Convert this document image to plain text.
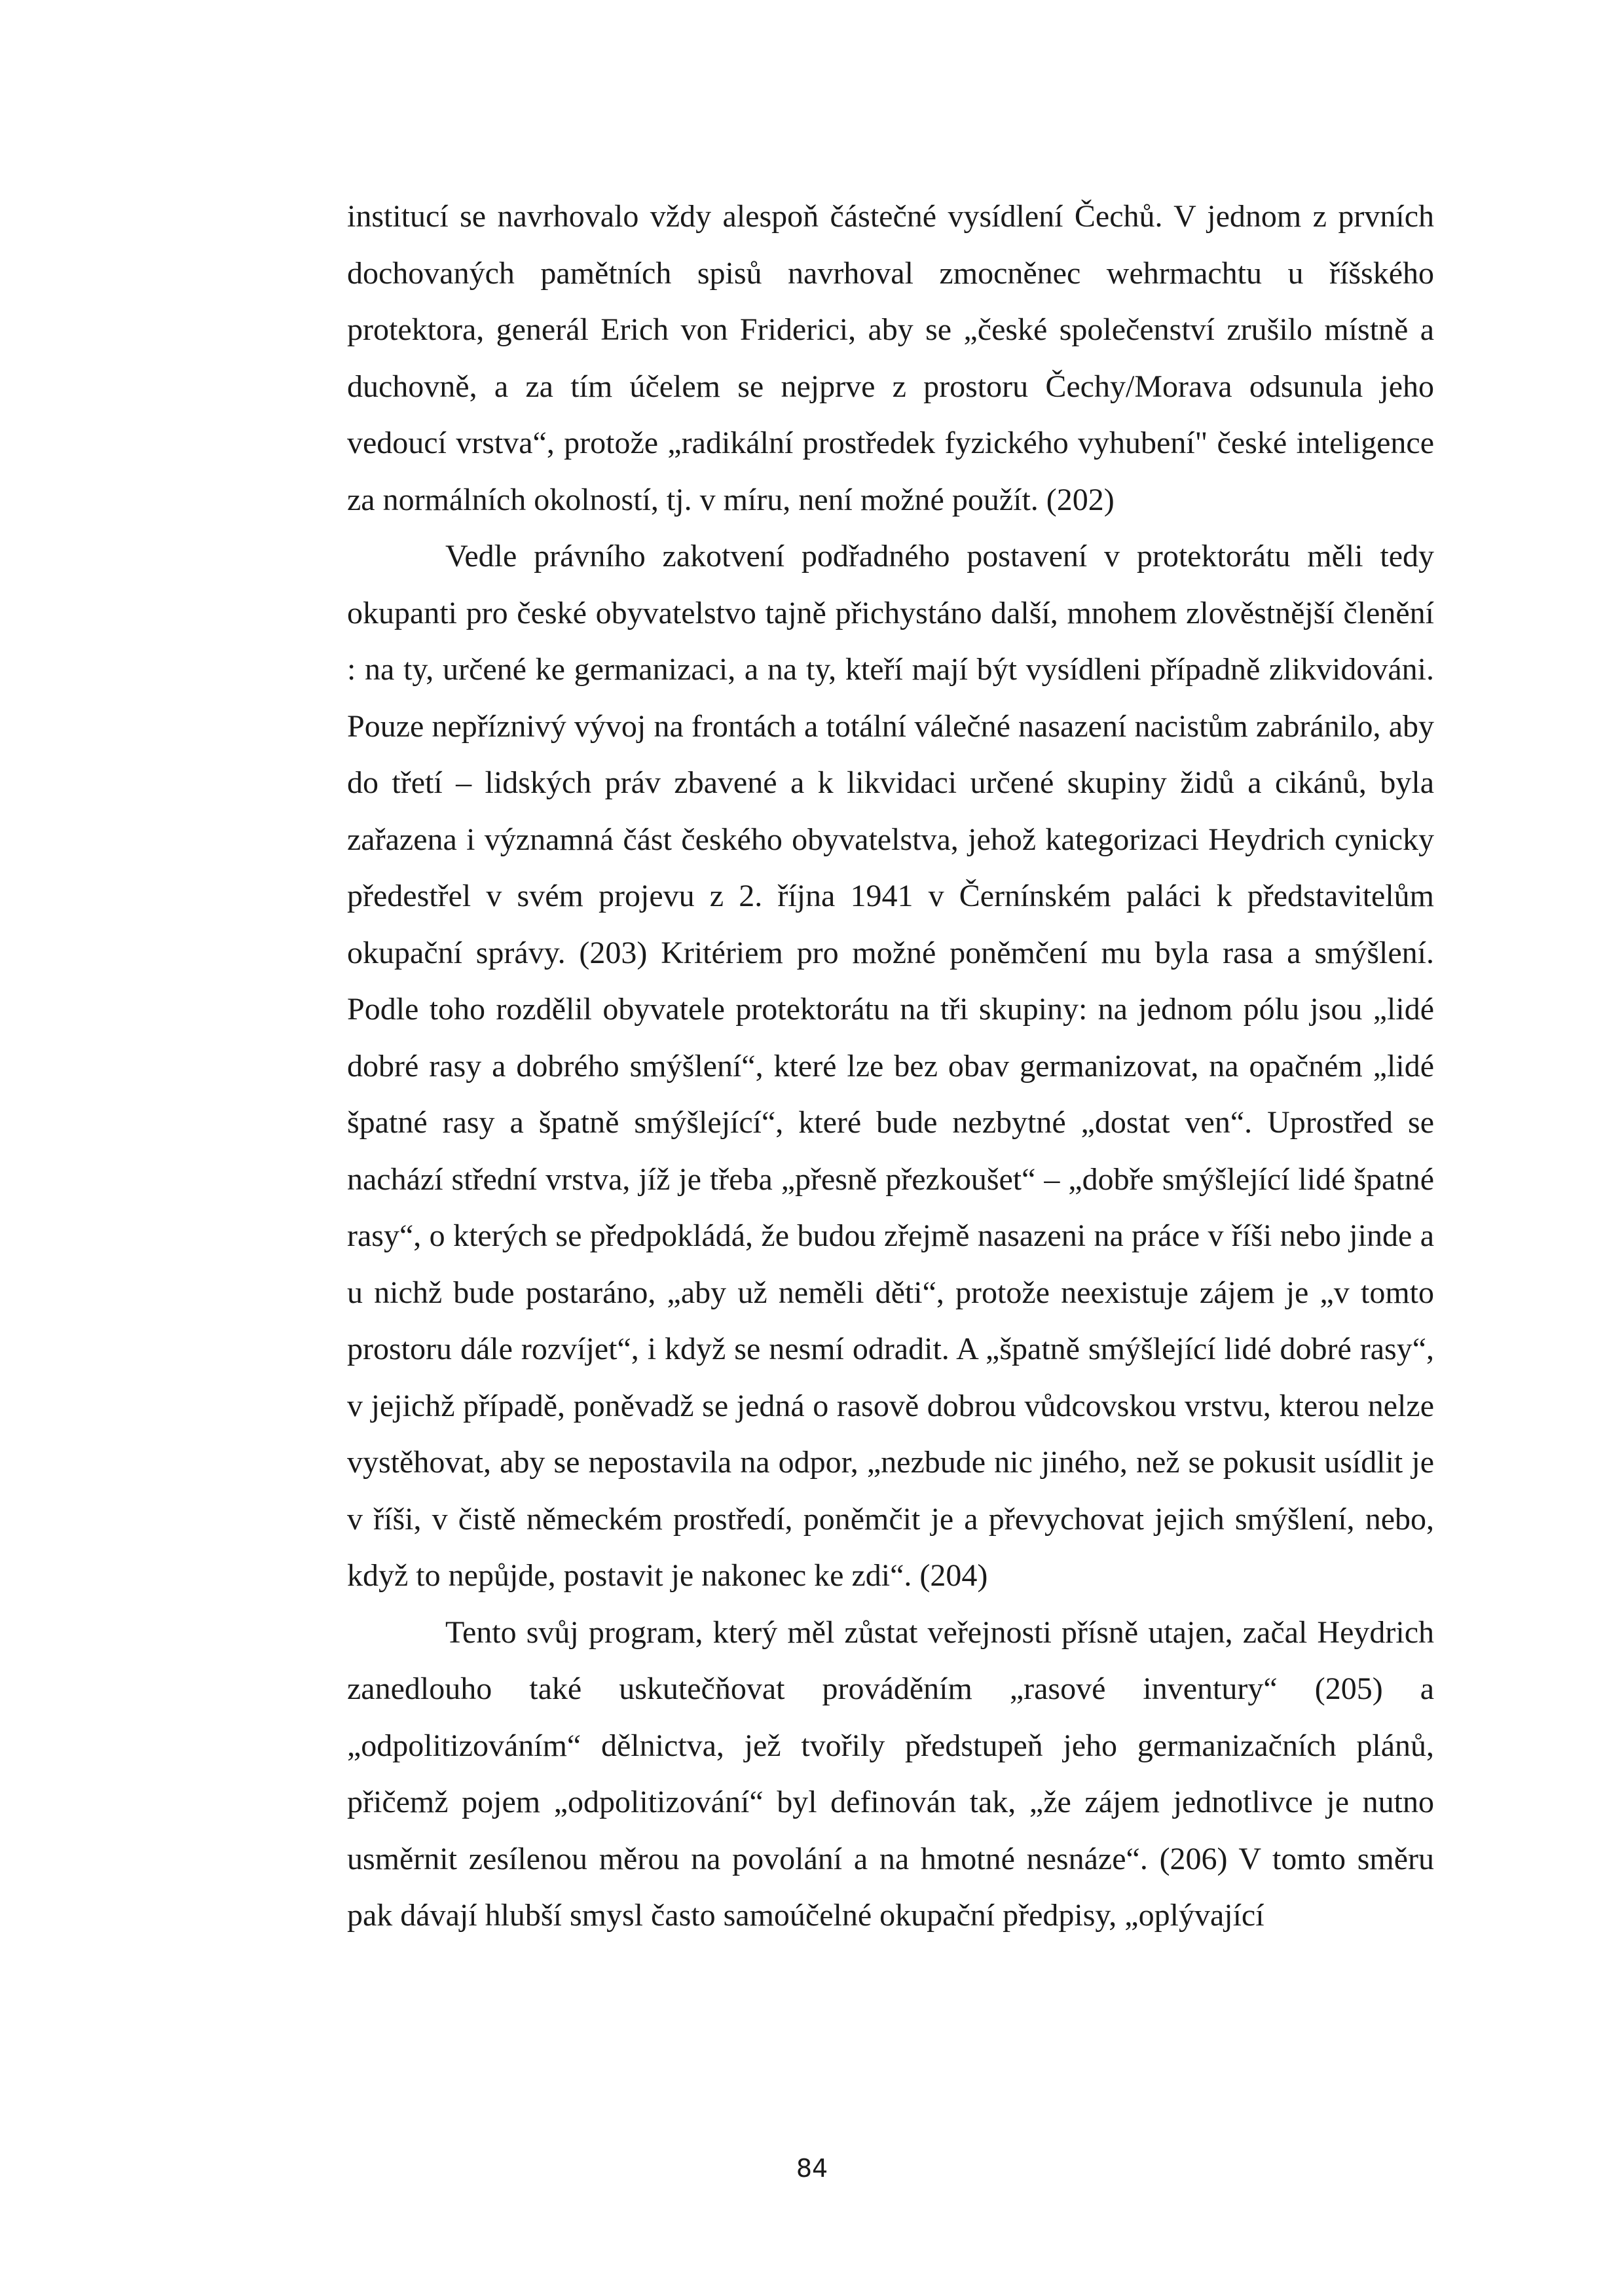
institucí se navrhovalo vždy alespoň částečné vysídlení Čechů. V jednom z prvních dochovaných pamětních spisů navrhoval zmocněnec wehrmachtu u říšského protektora, generál Erich von Friderici, aby se „české společenství zrušilo místně a duchovně, a za tím účelem se nejprve z prostoru Čechy/Morava odsunula jeho vedoucí vrstva“, protože „radikální prostředek fyzického vyhubení" české inteligence za normálních okolností, tj. v míru, není možné použít. (202)

Vedle právního zakotvení podřadného postavení v protektorátu měli tedy okupanti pro české obyvatelstvo tajně přichystáno další, mnohem zlověstnější členění : na ty, určené ke germanizaci, a na ty, kteří mají být vysídleni případně zlikvidováni. Pouze nepříznivý vývoj na frontách a totální válečné nasazení nacistům zabránilo, aby do třetí – lidských práv zbavené a k likvidaci určené skupiny židů a cikánů, byla zařazena i významná část českého obyvatelstva, jehož kategorizaci Heydrich cynicky předestřel v svém projevu z 2. října 1941 v Černínském paláci k představitelům okupační správy. (203) Kritériem pro možné poněmčení mu byla rasa a smýšlení. Podle toho rozdělil obyvatele protektorátu na tři skupiny: na jednom pólu jsou „lidé dobré rasy a dobrého smýšlení“, které lze bez obav germanizovat, na opačném „lidé špatné rasy a špatně smýšlející“, které bude nezbytné „dostat ven“. Uprostřed se nachází střední vrstva, jíž je třeba „přesně přezkoušet“ – „dobře smýšlející lidé špatné rasy“, o kterých se předpokládá, že budou zřejmě nasazeni na práce v říši nebo jinde a u nichž bude postaráno, „aby už neměli děti“, protože neexistuje zájem je „v tomto prostoru dále rozvíjet“, i když se nesmí odradit. A „špatně smýšlející lidé dobré rasy“, v jejichž případě, poněvadž se jedná o rasově dobrou vůdcovskou vrstvu, kterou nelze vystěhovat, aby se nepostavila na odpor, „nezbude nic jiného, než se pokusit usídlit je v říši, v čistě německém prostředí, poněmčit je a převychovat jejich smýšlení, nebo, když to nepůjde, postavit je nakonec ke zdi“. (204)

Tento svůj program, který měl zůstat veřejnosti přísně utajen, začal Heydrich zanedlouho také uskutečňovat prováděním „rasové inventury“ (205) a „odpolitizováním“ dělnictva, jež tvořily předstupeň jeho germanizačních plánů, přičemž pojem „odpolitizování“ byl definován tak, „že zájem jednotlivce je nutno usměrnit zesílenou měrou na povolání a na hmotné nesnáze“. (206) V tomto směru pak dávají hlubší smysl často samoúčelné okupační předpisy, „oplývající

84
